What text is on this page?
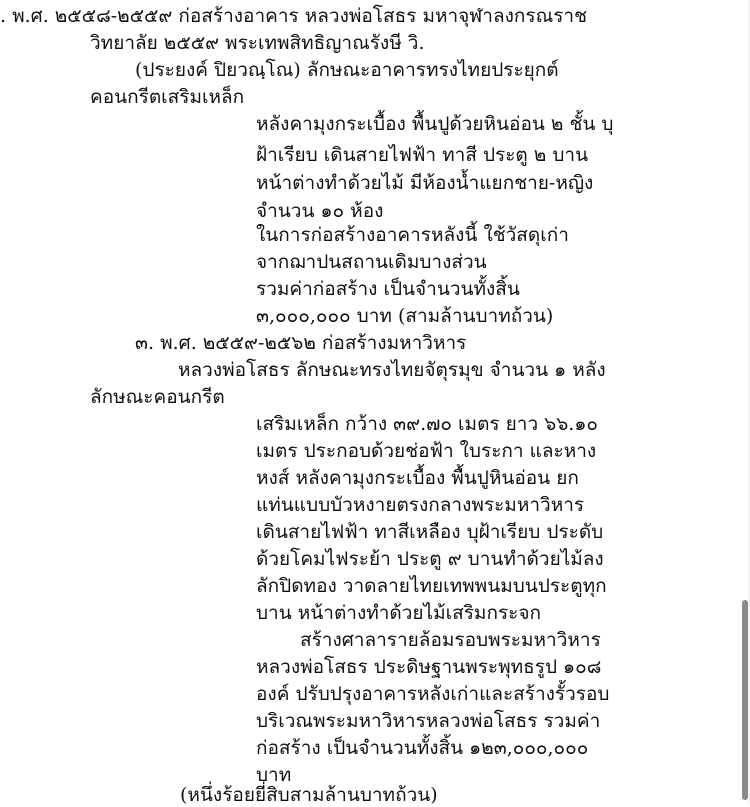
. พ.ศ. ๒๕๕๘-๒๕๕๙ ก่อสร้างอาคาร หลวงพ่อโสธร มหาจุฬาลงกรณราช
วิทยาลัย ๒๕๕๙ พระเทพสิทธิญาณรังษี วิ.
(ประยงค์ ปิยวณฺโณ) ลักษณะอาคารทรงไทยประยุกต์
คอนกรีตเสริมเหล็ก
หลังคามุงกระเบื้อง พื้นปูด้วยหินอ่อน ๒ ชั้น บุ
ฝ้าเรียบ เดินสายไฟฟ้า ทาสี ประตู ๒ บาน
หน้าต่างทำด้วยไม้ มีห้องน้ำแยกชาย-หญิง
จำนวน ๑๐ ห้อง
ในการก่อสร้างอาคารหลังนี้ ใช้วัสดุเก่า
จากฌาปนสถานเดิมบางส่วน
รวมค่าก่อสร้าง เป็นจำนวนทั้งสิ้น
๓,๐๐๐,๐๐๐ บาท (สามล้านบาทถ้วน)
๓. พ.ศ. ๒๕๕๙-๒๕๖๒ ก่อสร้างมหาวิหาร
หลวงพ่อโสธร ลักษณะทรงไทยจัตุรมุข จำนวน ๑ หลัง
ลักษณะคอนกรีต
เสริมเหล็ก กว้าง ๓๙.๗๐ เมตร ยาว ๖๖.๑๐
เมตร ประกอบด้วยช่อฟ้า ใบระกา และหาง
หงส์ หลังคามุงกระเบื้อง พื้นปูหินอ่อน ยก
แท่นแบบบัวหงายตรงกลางพระมหาวิหาร
เดินสายไฟฟ้า ทาสีเหลือง บุฝ้าเรียบ ประดับ
ด้วยโคมไฟระย้า ประตู ๙ บานทำด้วยไม้ลง
ลักปิดทอง วาดลายไทยเทพพนมบนประตูทุก
บาน หน้าต่างทำด้วยไม้เสริมกระจก
สร้างศาลารายล้อมรอบพระมหาวิหาร
หลวงพ่อโสธร ประดิษฐานพระพุทธรูป ๑๐๘
องค์ ปรับปรุงอาคารหลังเก่าและสร้างรั้วรอบ
บริเวณพระมหาวิหารหลวงพ่อโสธร รวมค่า
ก่อสร้าง เป็นจำนวนทั้งสิ้น ๑๒๓,๐๐๐,๐๐๐
บาท
(หนึ่งร้อยยี่สิบสามล้านบาทถ้วน)
